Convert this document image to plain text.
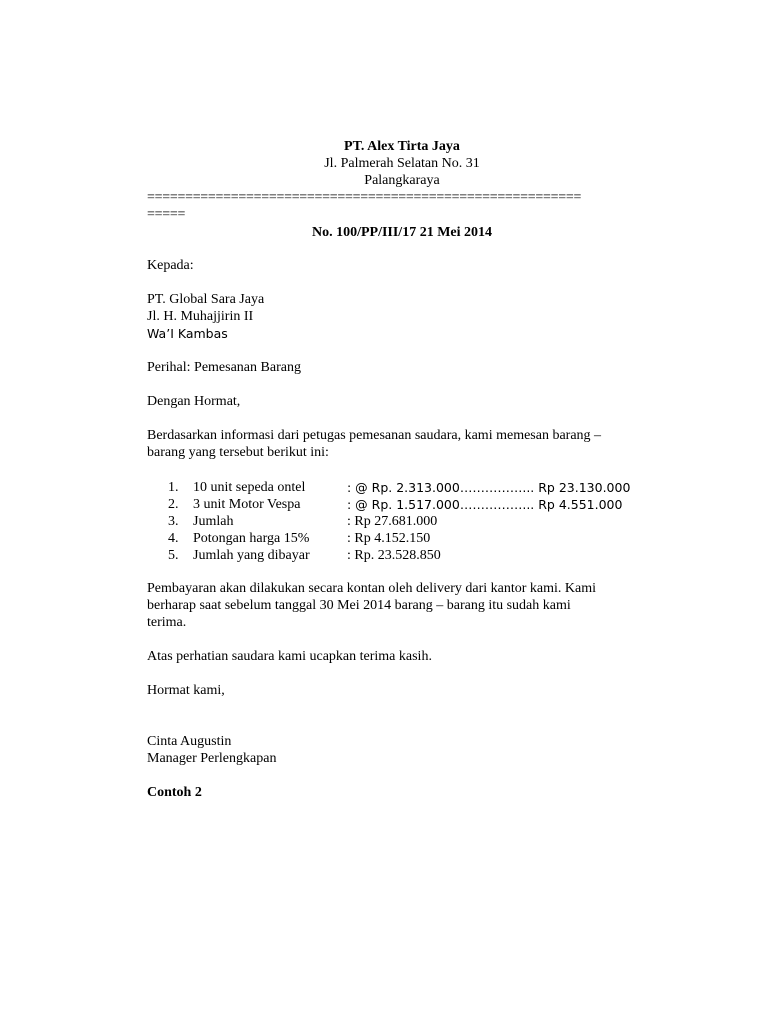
PT. Alex Tirta Jaya
Jl. Palmerah Selatan No. 31
Palangkaraya
=========================================================
=====
No. 100/PP/III/17 21 Mei 2014
Kepada:
PT. Global Sara Jaya
Jl. H. Muhajjirin II
Wa’I Kambas
Perihal: Pemesanan Barang
Dengan Hormat,
Berdasarkan informasi dari petugas pemesanan saudara, kami memesan barang –
barang yang tersebut berikut ini:
1. 10 unit sepeda ontel	: @ Rp. 2.313.000……………... Rp 23.130.000
2. 3 unit Motor Vespa	: @ Rp. 1.517.000……………... Rp 4.551.000
3. Jumlah	: Rp 27.681.000
4. Potongan harga 15%	: Rp 4.152.150
5. Jumlah yang dibayar	: Rp. 23.528.850
Pembayaran akan dilakukan secara kontan oleh delivery dari kantor kami. Kami
berharap saat sebelum tanggal 30 Mei 2014 barang – barang itu sudah kami
terima.
Atas perhatian saudara kami ucapkan terima kasih.
Hormat kami,
Cinta Augustin
Manager Perlengkapan
Contoh 2
